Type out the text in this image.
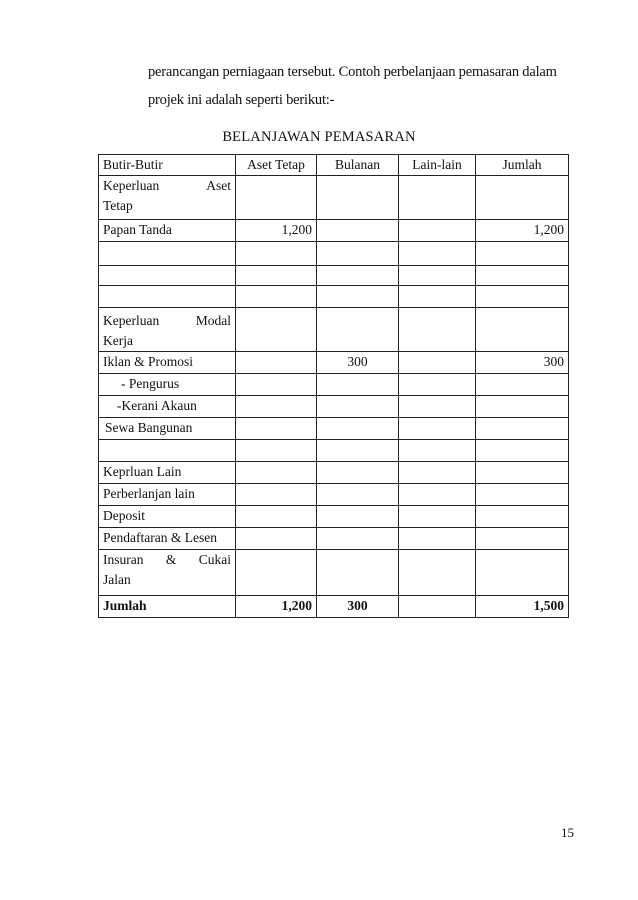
perancangan perniagaan tersebut. Contoh perbelanjaan pemasaran dalam

projek ini adalah seperti berikut:-

BELANJAWAN PEMASARAN
Butir-Butir	Aset Tetap	Bulanan	Lain-lain	Jumlah

Keperluan Aset
Tetap				

Papan Tanda	1,200			1,200

Keperluan Modal
Kerja				

Iklan & Promosi		300		300
- Pengurus				
-Kerani Akaun				
Sewa Bangunan				

Keprluan Lain				
Perberlanjan lain				
Deposit				
Pendaftaran & Lesen				

Insuran & Cukai
Jalan				

Jumlah	1,200	300		1,500
15
